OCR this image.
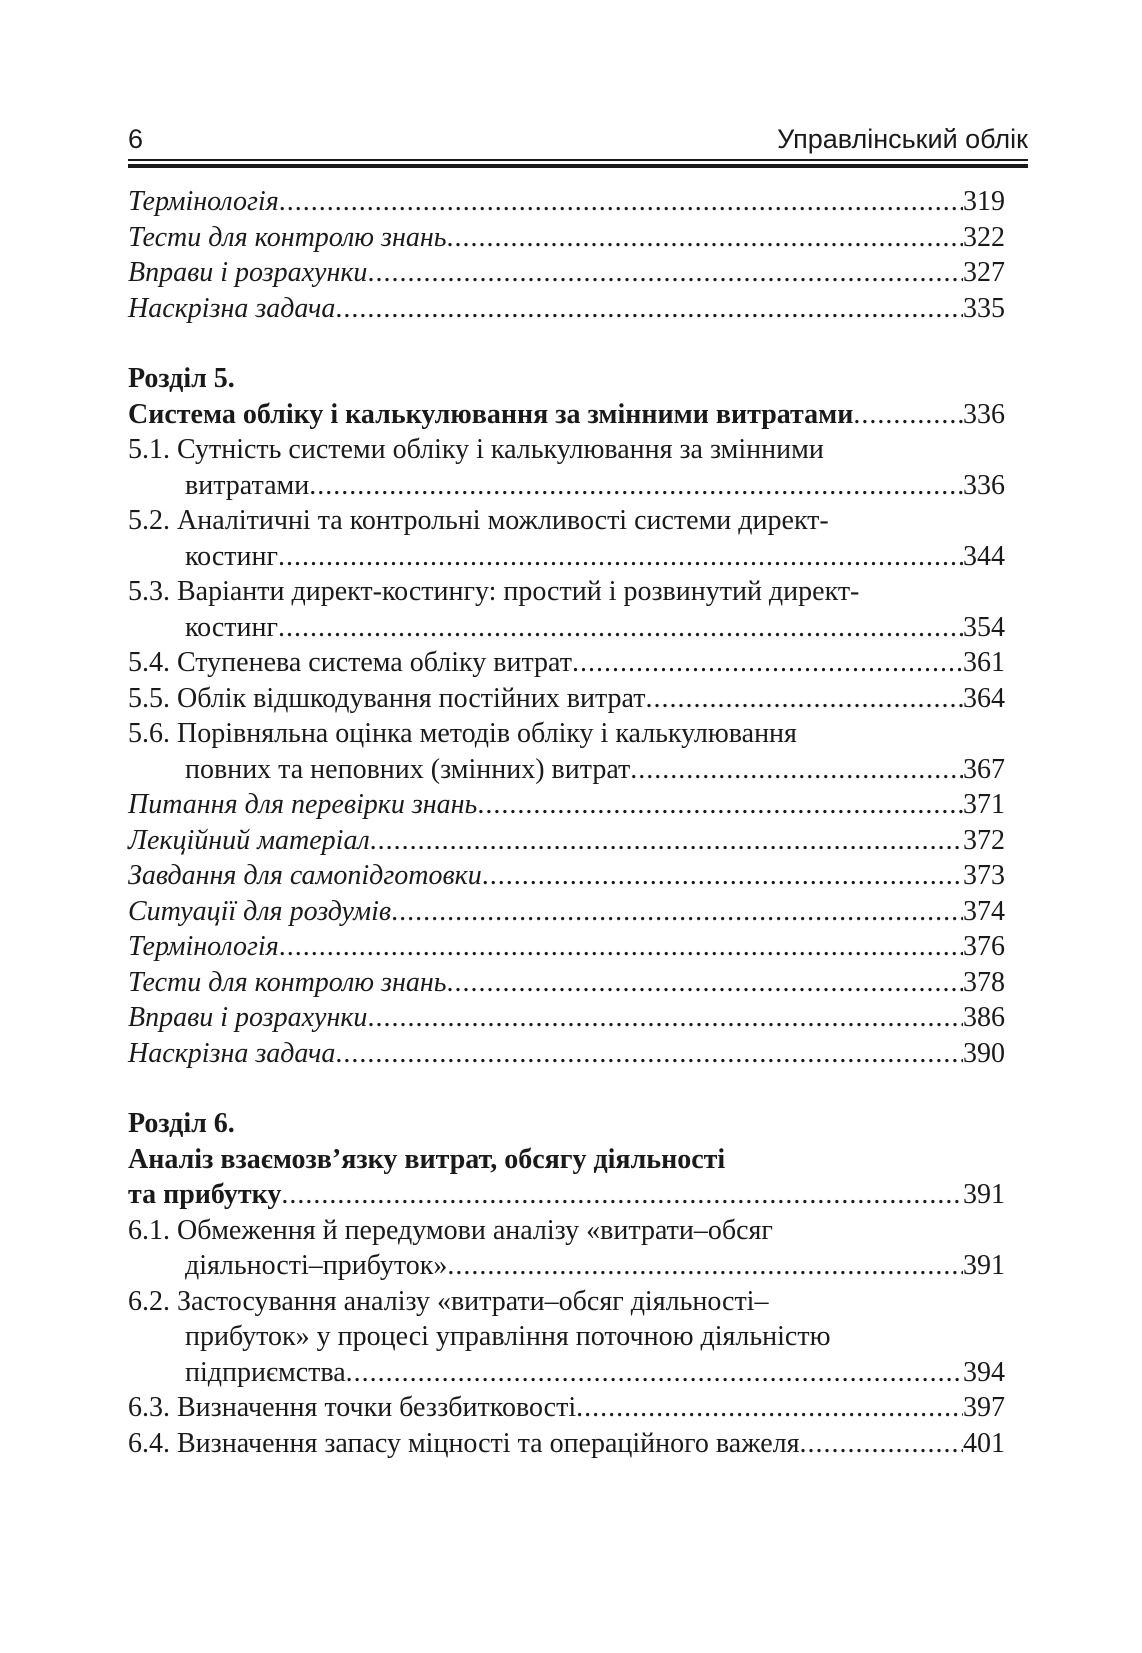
6	Управлінський облік
Термінологія .....	319
Тести для контролю знань .....	322
Вправи і розрахунки .....	327
Наскрізна задача .....	335
Розділ 5.
Система обліку і калькулювання за змінними витратами .....	336
5.1. Сутність системи обліку і калькулювання за змінними
витратами .....	336
5.2. Аналітичні та контрольні можливості системи директ-
костинг .....	344
5.3. Варіанти директ-костингу: простий і розвинутий директ-
костинг .....	354
5.4. Ступенева система обліку витрат .....	361
5.5. Облік відшкодування постійних витрат .....	364
5.6. Порівняльна оцінка методів обліку і калькулювання
повних та неповних (змінних) витрат .....	367
Питання для перевірки знань .....	371
Лекційний матеріал .....	372
Завдання для самопідготовки .....	373
Ситуації для роздумів .....	374
Термінологія .....	376
Тести для контролю знань .....	378
Вправи і розрахунки .....	386
Наскрізна задача .....	390
Розділ 6.
Аналіз взаємозв’язку витрат, обсягу діяльності
та прибутку .....	391
6.1. Обмеження й передумови аналізу «витрати–обсяг
діяльності–прибуток» .....	391
6.2. Застосування аналізу «витрати–обсяг діяльності–
прибуток» у процесі управління поточною діяльністю
підприємства .....	394
6.3. Визначення точки беззбитковості .....	397
6.4. Визначення запасу міцності та операційного важеля .....	401
